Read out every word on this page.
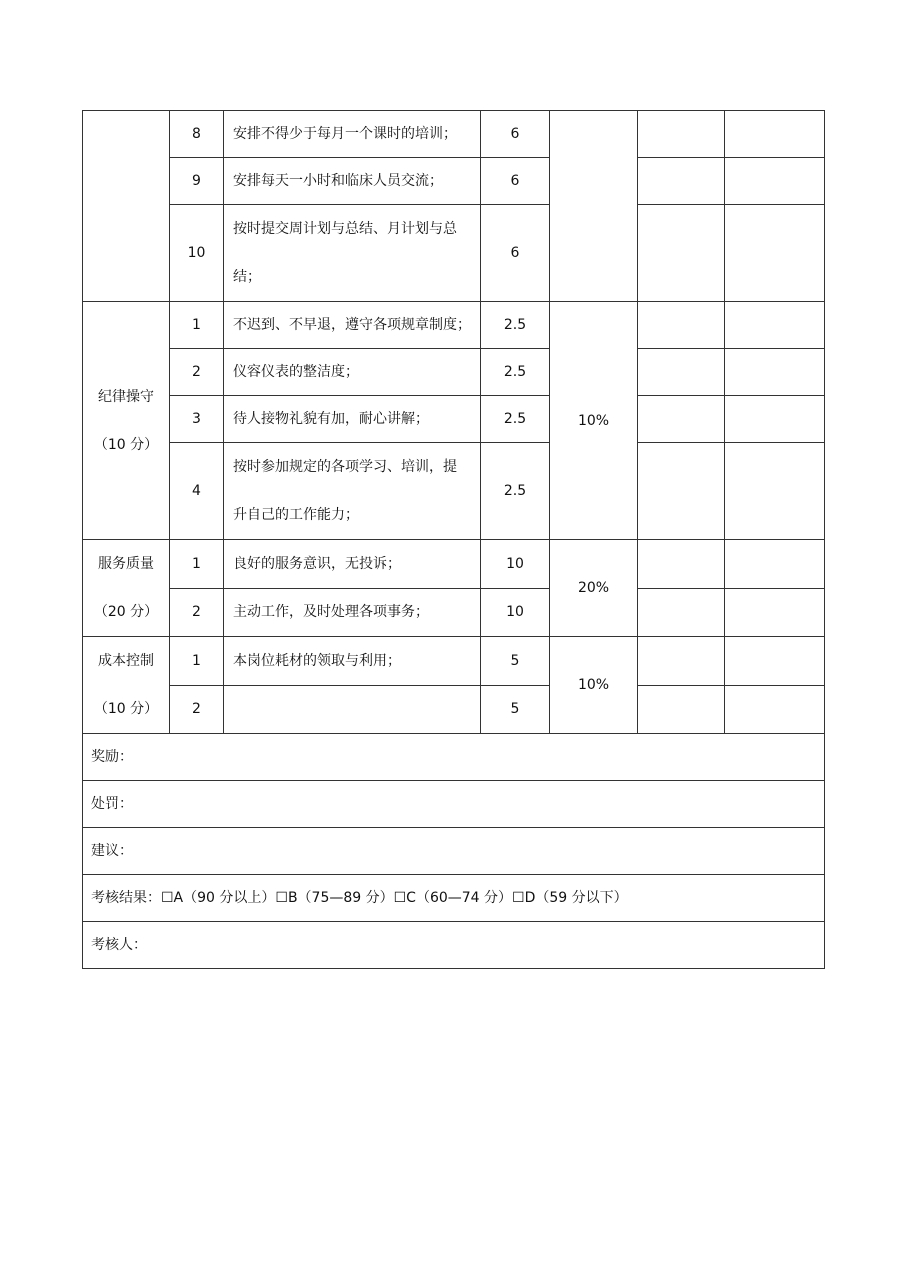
	8	安排不得少于每月一个课时的培训；	6			
	9	安排每天一小时和临床人员交流；	6			
	10	按时提交周计划与总结、月计划与总
结；	6			

纪律操守
（10 分）	1	不迟到、不早退，遵守各项规章制度；	2.5	10%		
	2	仪容仪表的整洁度；	2.5			
	3	待人接物礼貌有加，耐心讲解；	2.5			
	4	按时参加规定的各项学习、培训，提
升自己的工作能力；	2.5			

服务质量
（20 分）	1	良好的服务意识，无投诉；	10	20%		
	2	主动工作，及时处理各项事务；	10			

成本控制
（10 分）	1	本岗位耗材的领取与利用；	5	10%		
	2		5			
奖励：						
处罚：						
建议：						
考核结果：☐A（90 分以上）☐B（75—89 分）☐C（60—74 分）☐D（59 分以下）						
考核人：						
